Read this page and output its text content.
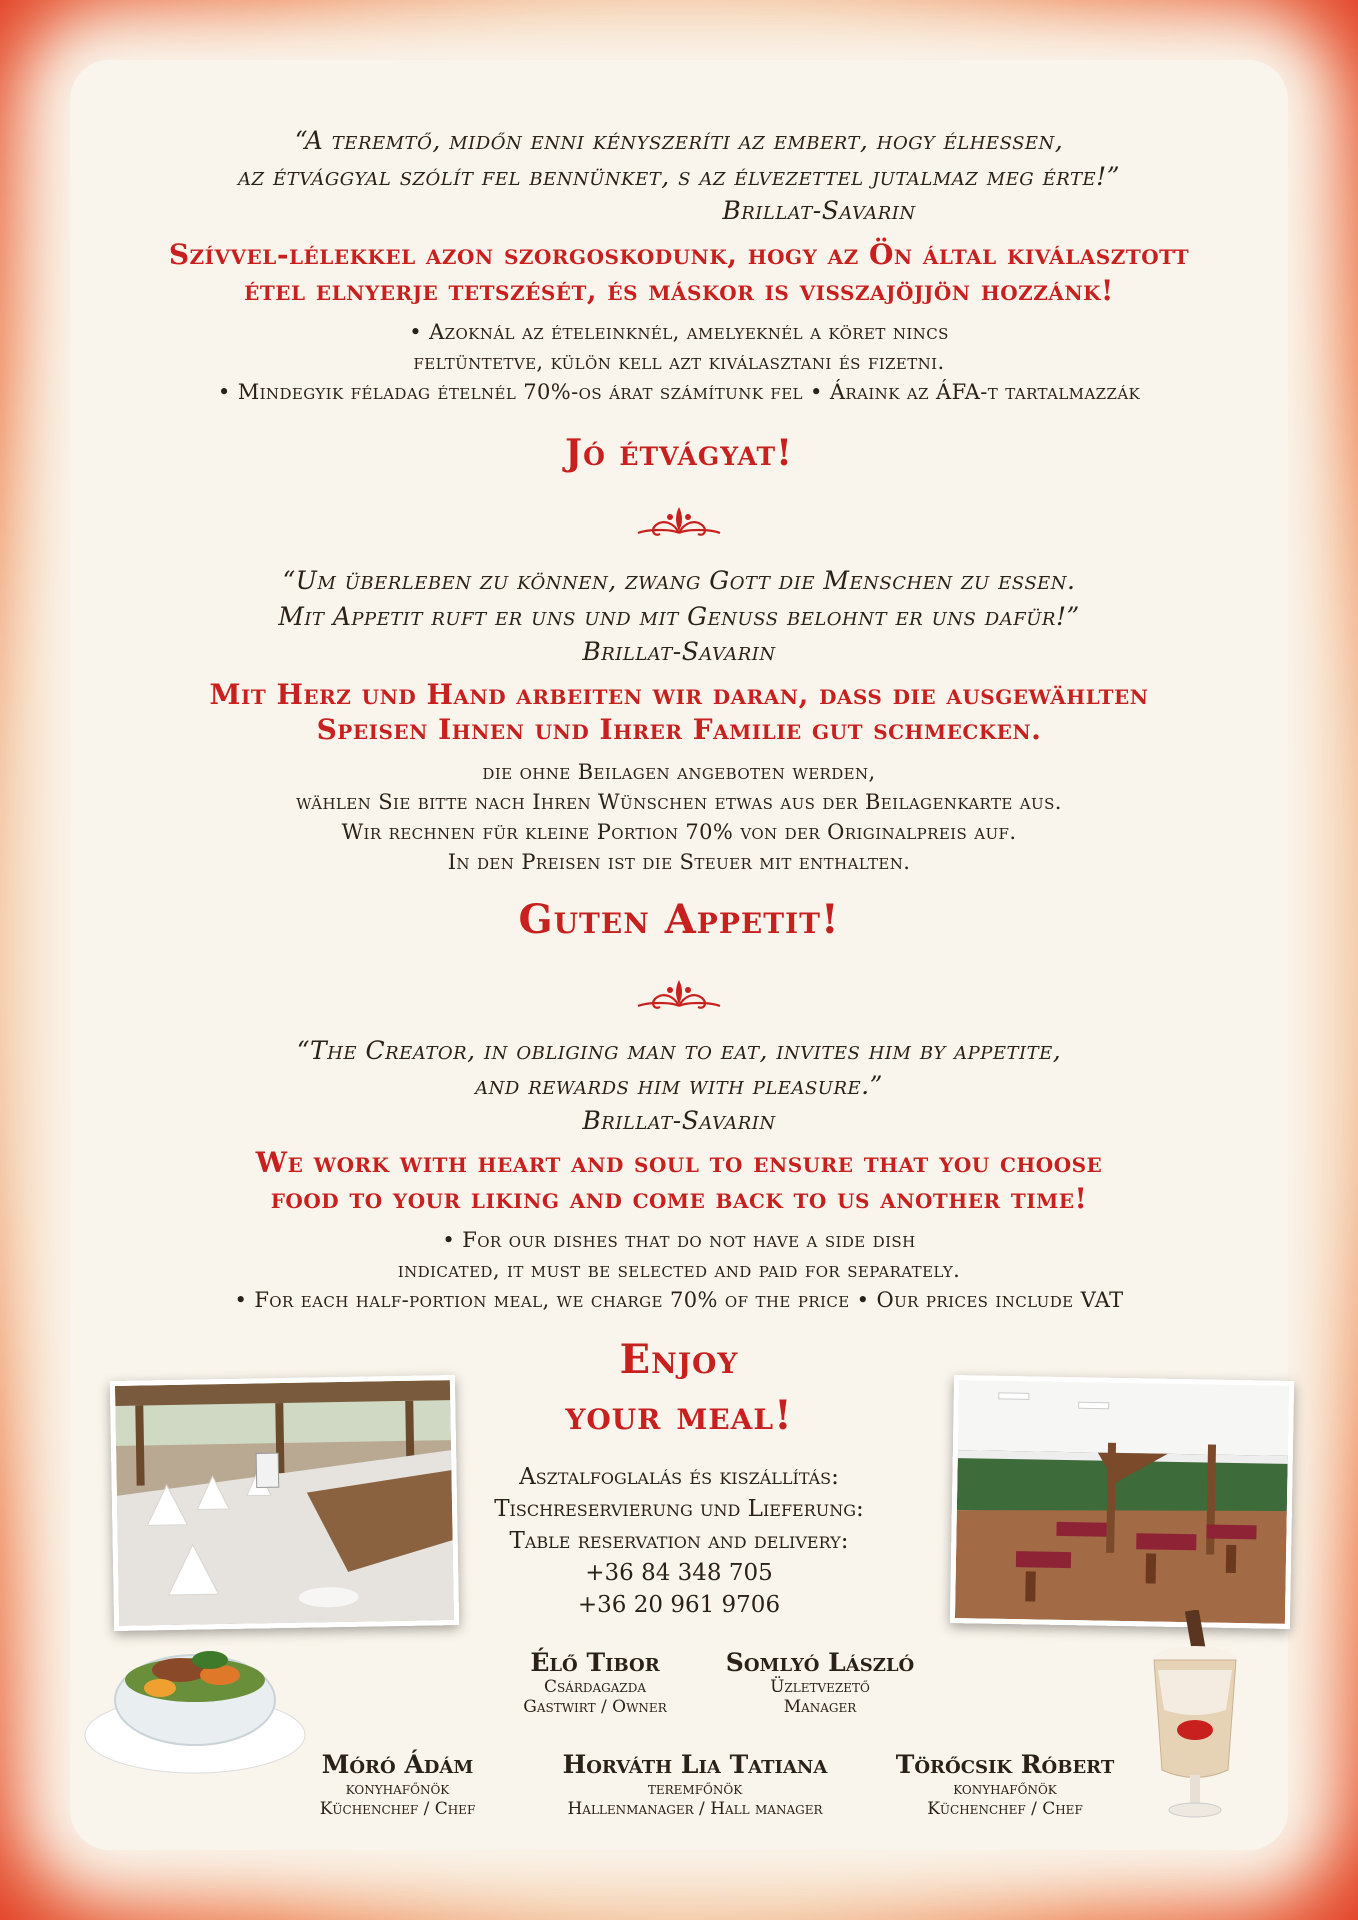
“A teremtő, midőn enni kényszeríti az embert, hogy élhessen,
az étvággyal szólít fel bennünket, s az élvezettel jutalmaz meg érte!”
Brillat-Savarin
Szívvel-lélekkel azon szorgoskodunk, hogy az Ön által kiválasztott
étel elnyerje tetszését, és máskor is visszajöjjön hozzánk!
• Azoknál az ételeinknél, amelyeknél a köret nincs
feltüntetve, külön kell azt kiválasztani és fizetni.
• Mindegyik féladag ételnél 70%-os árat számítunk fel • Áraink az ÁFA-t tartalmazzák
Jó étvágyat!
“Um überleben zu können, zwang Gott die Menschen zu essen.
Mit Appetit ruft er uns und mit Genuss belohnt er uns dafür!”
Brillat-Savarin
Mit Herz und Hand arbeiten wir daran, dass die ausgewählten
Speisen Ihnen und Ihrer Familie gut schmecken.
die ohne Beilagen angeboten werden,
wählen Sie bitte nach Ihren Wünschen etwas aus der Beilagenkarte aus.
Wir rechnen für kleine Portion 70% von der Originalpreis auf.
In den Preisen ist die Steuer mit enthalten.
Guten Appetit!
“The Creator, in obliging man to eat, invites him by appetite,
and rewards him with pleasure.”
Brillat-Savarin
We work with heart and soul to ensure that you choose
food to your liking and come back to us another time!
• For our dishes that do not have a side dish
indicated, it must be selected and paid for separately.
• For each half-portion meal, we charge 70% of the price • Our prices include VAT
Enjoy
your meal!
Asztalfoglalás és kiszállítás:
Tischreservierung und Lieferung:
Table reservation and delivery:
+36 84 348 705
+36 20 961 9706
Élő Tibor
Csárdagazda
Gastwirt / Owner
Somlyó László
Üzletvezető
Manager
Móró Ádám
konyhafőnök
Küchenchef / Chef
Horváth Lia Tatiana
teremfőnök
Hallenmanager / Hall manager
Törőcsik Róbert
konyhafőnök
Küchenchef / Chef
